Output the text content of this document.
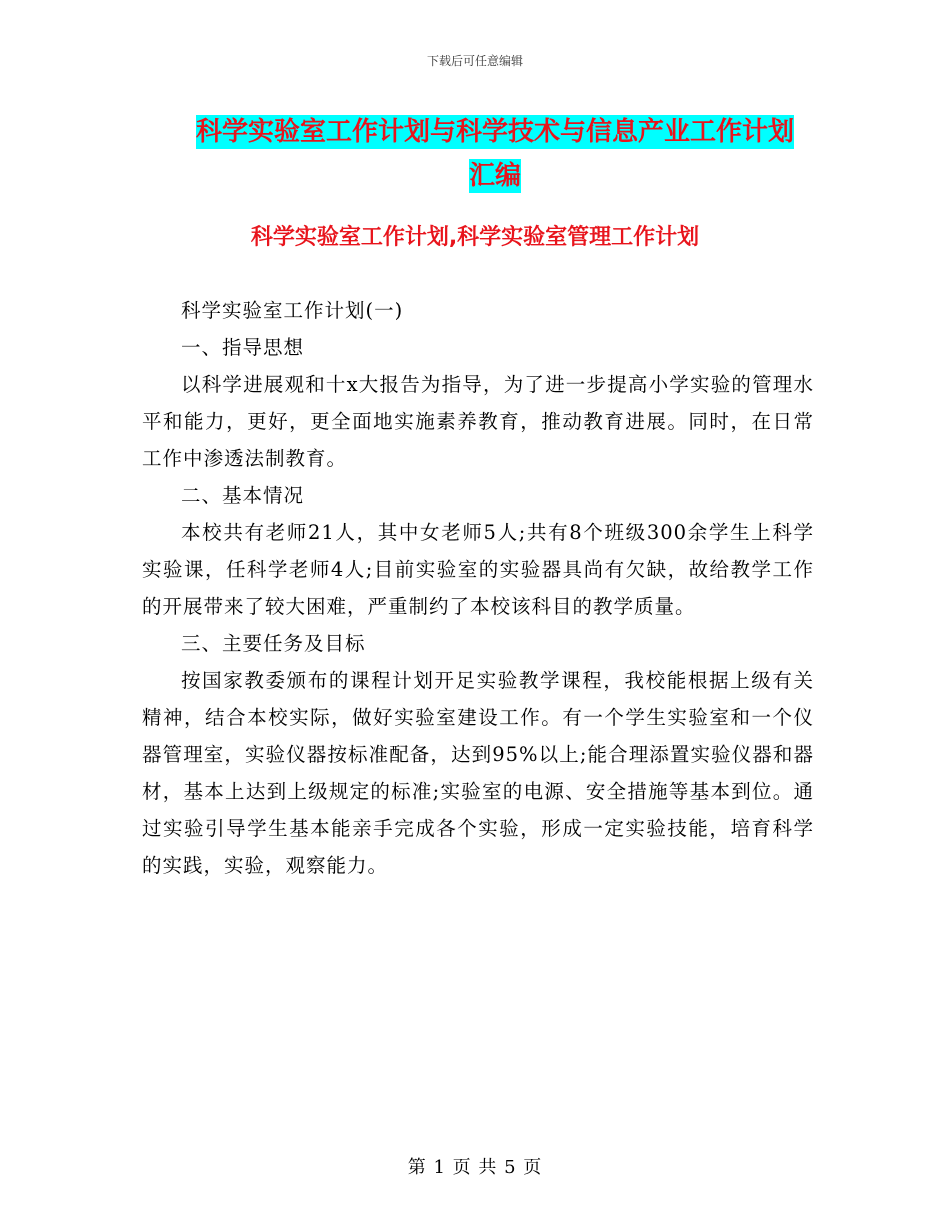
下载后可任意编辑
科学实验室工作计划与科学技术与信息产业工作计划
汇编
科学实验室工作计划,科学实验室管理工作计划

科学实验室工作计划(一)

一、指导思想

以科学进展观和十x大报告为指导，为了进一步提高小学实验的管理水平和能力，更好，更全面地实施素养教育，推动教育进展。同时，在日常工作中渗透法制教育。

二、基本情况

本校共有老师21人，其中女老师5人;共有8个班级300余学生上科学实验课，任科学老师4人;目前实验室的实验器具尚有欠缺，故给教学工作的开展带来了较大困难，严重制约了本校该科目的教学质量。

三、主要任务及目标

按国家教委颁布的课程计划开足实验教学课程，我校能根据上级有关精神，结合本校实际，做好实验室建设工作。有一个学生实验室和一个仪器管理室，实验仪器按标准配备，达到95%以上;能合理添置实验仪器和器材，基本上达到上级规定的标准;实验室的电源、安全措施等基本到位。通过实验引导学生基本能亲手完成各个实验，形成一定实验技能，培育科学的实践，实验，观察能力。

第 1 页 共 5 页
